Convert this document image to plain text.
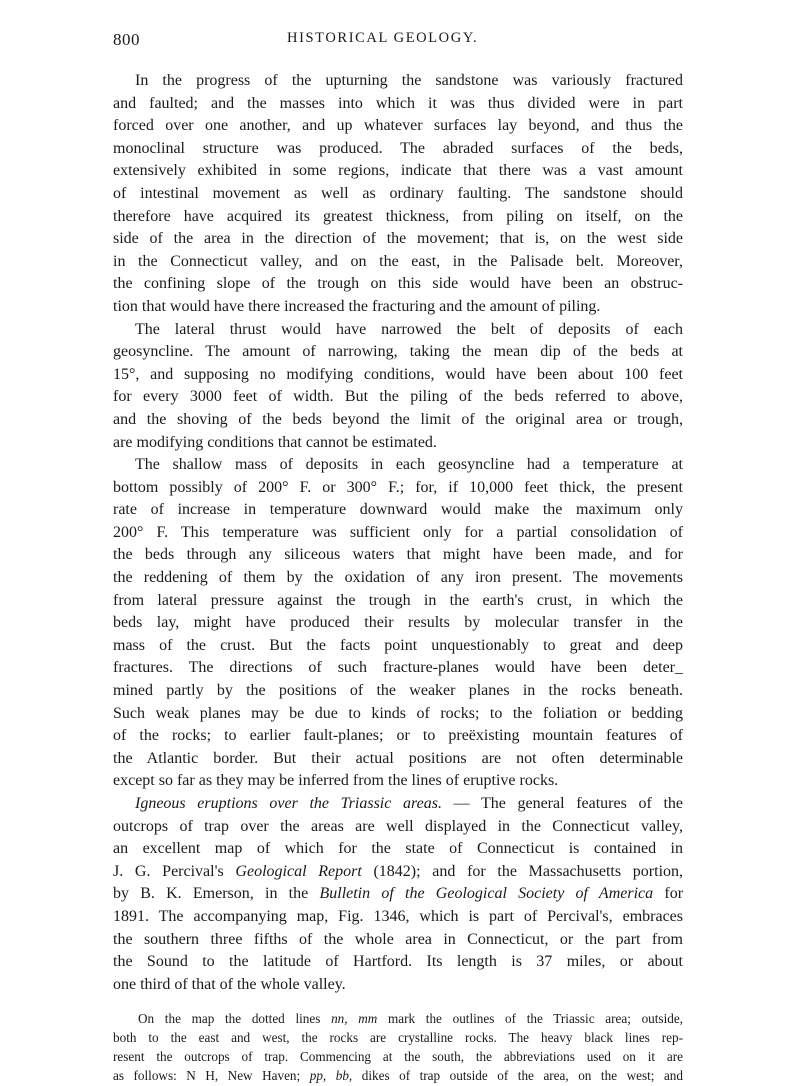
800	HISTORICAL GEOLOGY.
In the progress of the upturning the sandstone was variously fractured
and faulted; and the masses into which it was thus divided were in part
forced over one another, and up whatever surfaces lay beyond, and thus the
monoclinal structure was produced. The abraded surfaces of the beds,
extensively exhibited in some regions, indicate that there was a vast amount
of intestinal movement as well as ordinary faulting. The sandstone should
therefore have acquired its greatest thickness, from piling on itself, on the
side of the area in the direction of the movement; that is, on the west side
in the Connecticut valley, and on the east, in the Palisade belt. Moreover,
the confining slope of the trough on this side would have been an obstruc-
tion that would have there increased the fracturing and the amount of piling.
The lateral thrust would have narrowed the belt of deposits of each
geosyncline. The amount of narrowing, taking the mean dip of the beds at
15°, and supposing no modifying conditions, would have been about 100 feet
for every 3000 feet of width. But the piling of the beds referred to above,
and the shoving of the beds beyond the limit of the original area or trough,
are modifying conditions that cannot be estimated.
The shallow mass of deposits in each geosyncline had a temperature at
bottom possibly of 200° F. or 300° F.; for, if 10,000 feet thick, the present
rate of increase in temperature downward would make the maximum only
200° F. This temperature was sufficient only for a partial consolidation of
the beds through any siliceous waters that might have been made, and for
the reddening of them by the oxidation of any iron present. The movements
from lateral pressure against the trough in the earth's crust, in which the
beds lay, might have produced their results by molecular transfer in the
mass of the crust. But the facts point unquestionably to great and deep
fractures. The directions of such fracture-planes would have been deter_
mined partly by the positions of the weaker planes in the rocks beneath.
Such weak planes may be due to kinds of rocks; to the foliation or bedding
of the rocks; to earlier fault-planes; or to preëxisting mountain features of
the Atlantic border. But their actual positions are not often determinable
except so far as they may be inferred from the lines of eruptive rocks.
Igneous eruptions over the Triassic areas. — The general features of the
outcrops of trap over the areas are well displayed in the Connecticut valley,
an excellent map of which for the state of Connecticut is contained in
J. G. Percival's Geological Report (1842); and for the Massachusetts portion,
by B. K. Emerson, in the Bulletin of the Geological Society of America for
1891. The accompanying map, Fig. 1346, which is part of Percival's, embraces
the southern three fifths of the whole area in Connecticut, or the part from
the Sound to the latitude of Hartford. Its length is 37 miles, or about
one third of that of the whole valley.
On the map the dotted lines nn, mm mark the outlines of the Triassic area; outside,
both to the east and west, the rocks are crystalline rocks. The heavy black lines rep-
resent the outcrops of trap. Commencing at the south, the abbreviations used on it are
as follows: N H, New Haven; pp, bb, dikes of trap outside of the area, on the west; and
